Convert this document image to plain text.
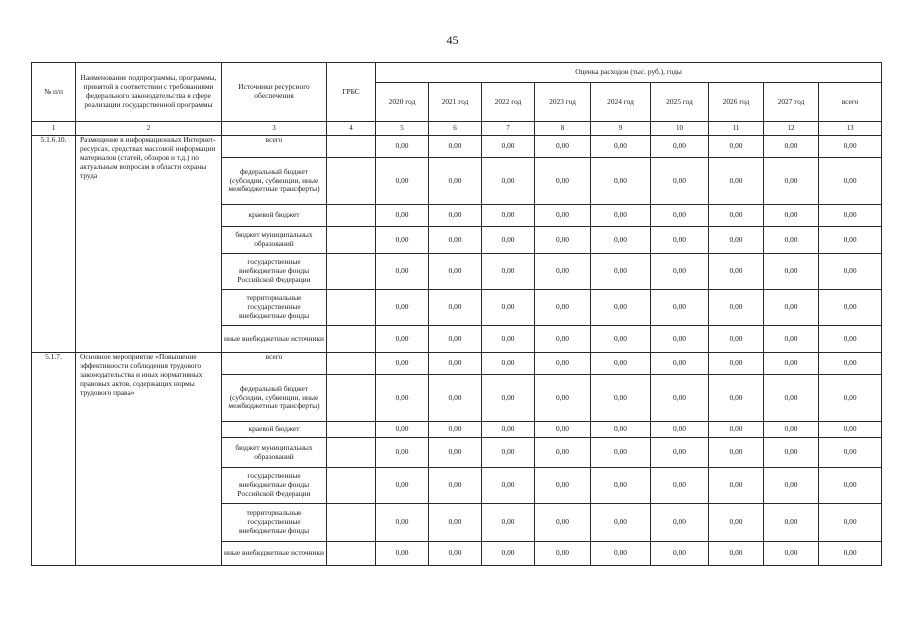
45
№ п/п	Наименование подпрограммы, программы, принятой в соответствии с требованиями федерального законодательства в сфере реализации государственной программы	Источники ресурсного обеспечения	ГРБС	Оценка расходов (тыс. руб.), годы								
				2020 год	2021 год	2022 год	2023 год	2024 год	2025 год	2026 год	2027 год	всего
1	2	3	4	5	6	7	8	9	10	11	12	13
5.1.6.10.	Размещение в информационных Интернет-ресурсах, средствах массовой информации материалов (статей, обзоров и т.д.) по актуальным вопросам в области охраны труда	всего		0,00	0,00	0,00	0,00	0,00	0,00	0,00	0,00	0,00
		федеральный бюджет (субсидии, субвенции, иные межбюджетные трансферты)		0,00	0,00	0,00	0,00	0,00	0,00	0,00	0,00	0,00
		краевой бюджет		0,00	0,00	0,00	0,00	0,00	0,00	0,00	0,00	0,00
		бюджет муниципальных образований		0,00	0,00	0,00	0,00	0,00	0,00	0,00	0,00	0,00
		государственные внебюджетные фонды Российской Федерации		0,00	0,00	0,00	0,00	0,00	0,00	0,00	0,00	0,00
		территориальные государственные внебюджетные фонды		0,00	0,00	0,00	0,00	0,00	0,00	0,00	0,00	0,00
		иные внебюджетные источники		0,00	0,00	0,00	0,00	0,00	0,00	0,00	0,00	0,00
5.1.7.	Основное мероприятие «Повышение эффективности соблюдения трудового законодательства и иных нормативных правовых актов, содержащих нормы трудового права»	всего		0,00	0,00	0,00	0,00	0,00	0,00	0,00	0,00	0,00
		федеральный бюджет (субсидии, субвенции, иные межбюджетные трансферты)		0,00	0,00	0,00	0,00	0,00	0,00	0,00	0,00	0,00
		краевой бюджет		0,00	0,00	0,00	0,00	0,00	0,00	0,00	0,00	0,00
		бюджет муниципальных образований		0,00	0,00	0,00	0,00	0,00	0,00	0,00	0,00	0,00
		государственные внебюджетные фонды Российской Федерации		0,00	0,00	0,00	0,00	0,00	0,00	0,00	0,00	0,00
		территориальные государственные внебюджетные фонды		0,00	0,00	0,00	0,00	0,00	0,00	0,00	0,00	0,00
		иные внебюджетные источники		0,00	0,00	0,00	0,00	0,00	0,00	0,00	0,00	0,00
